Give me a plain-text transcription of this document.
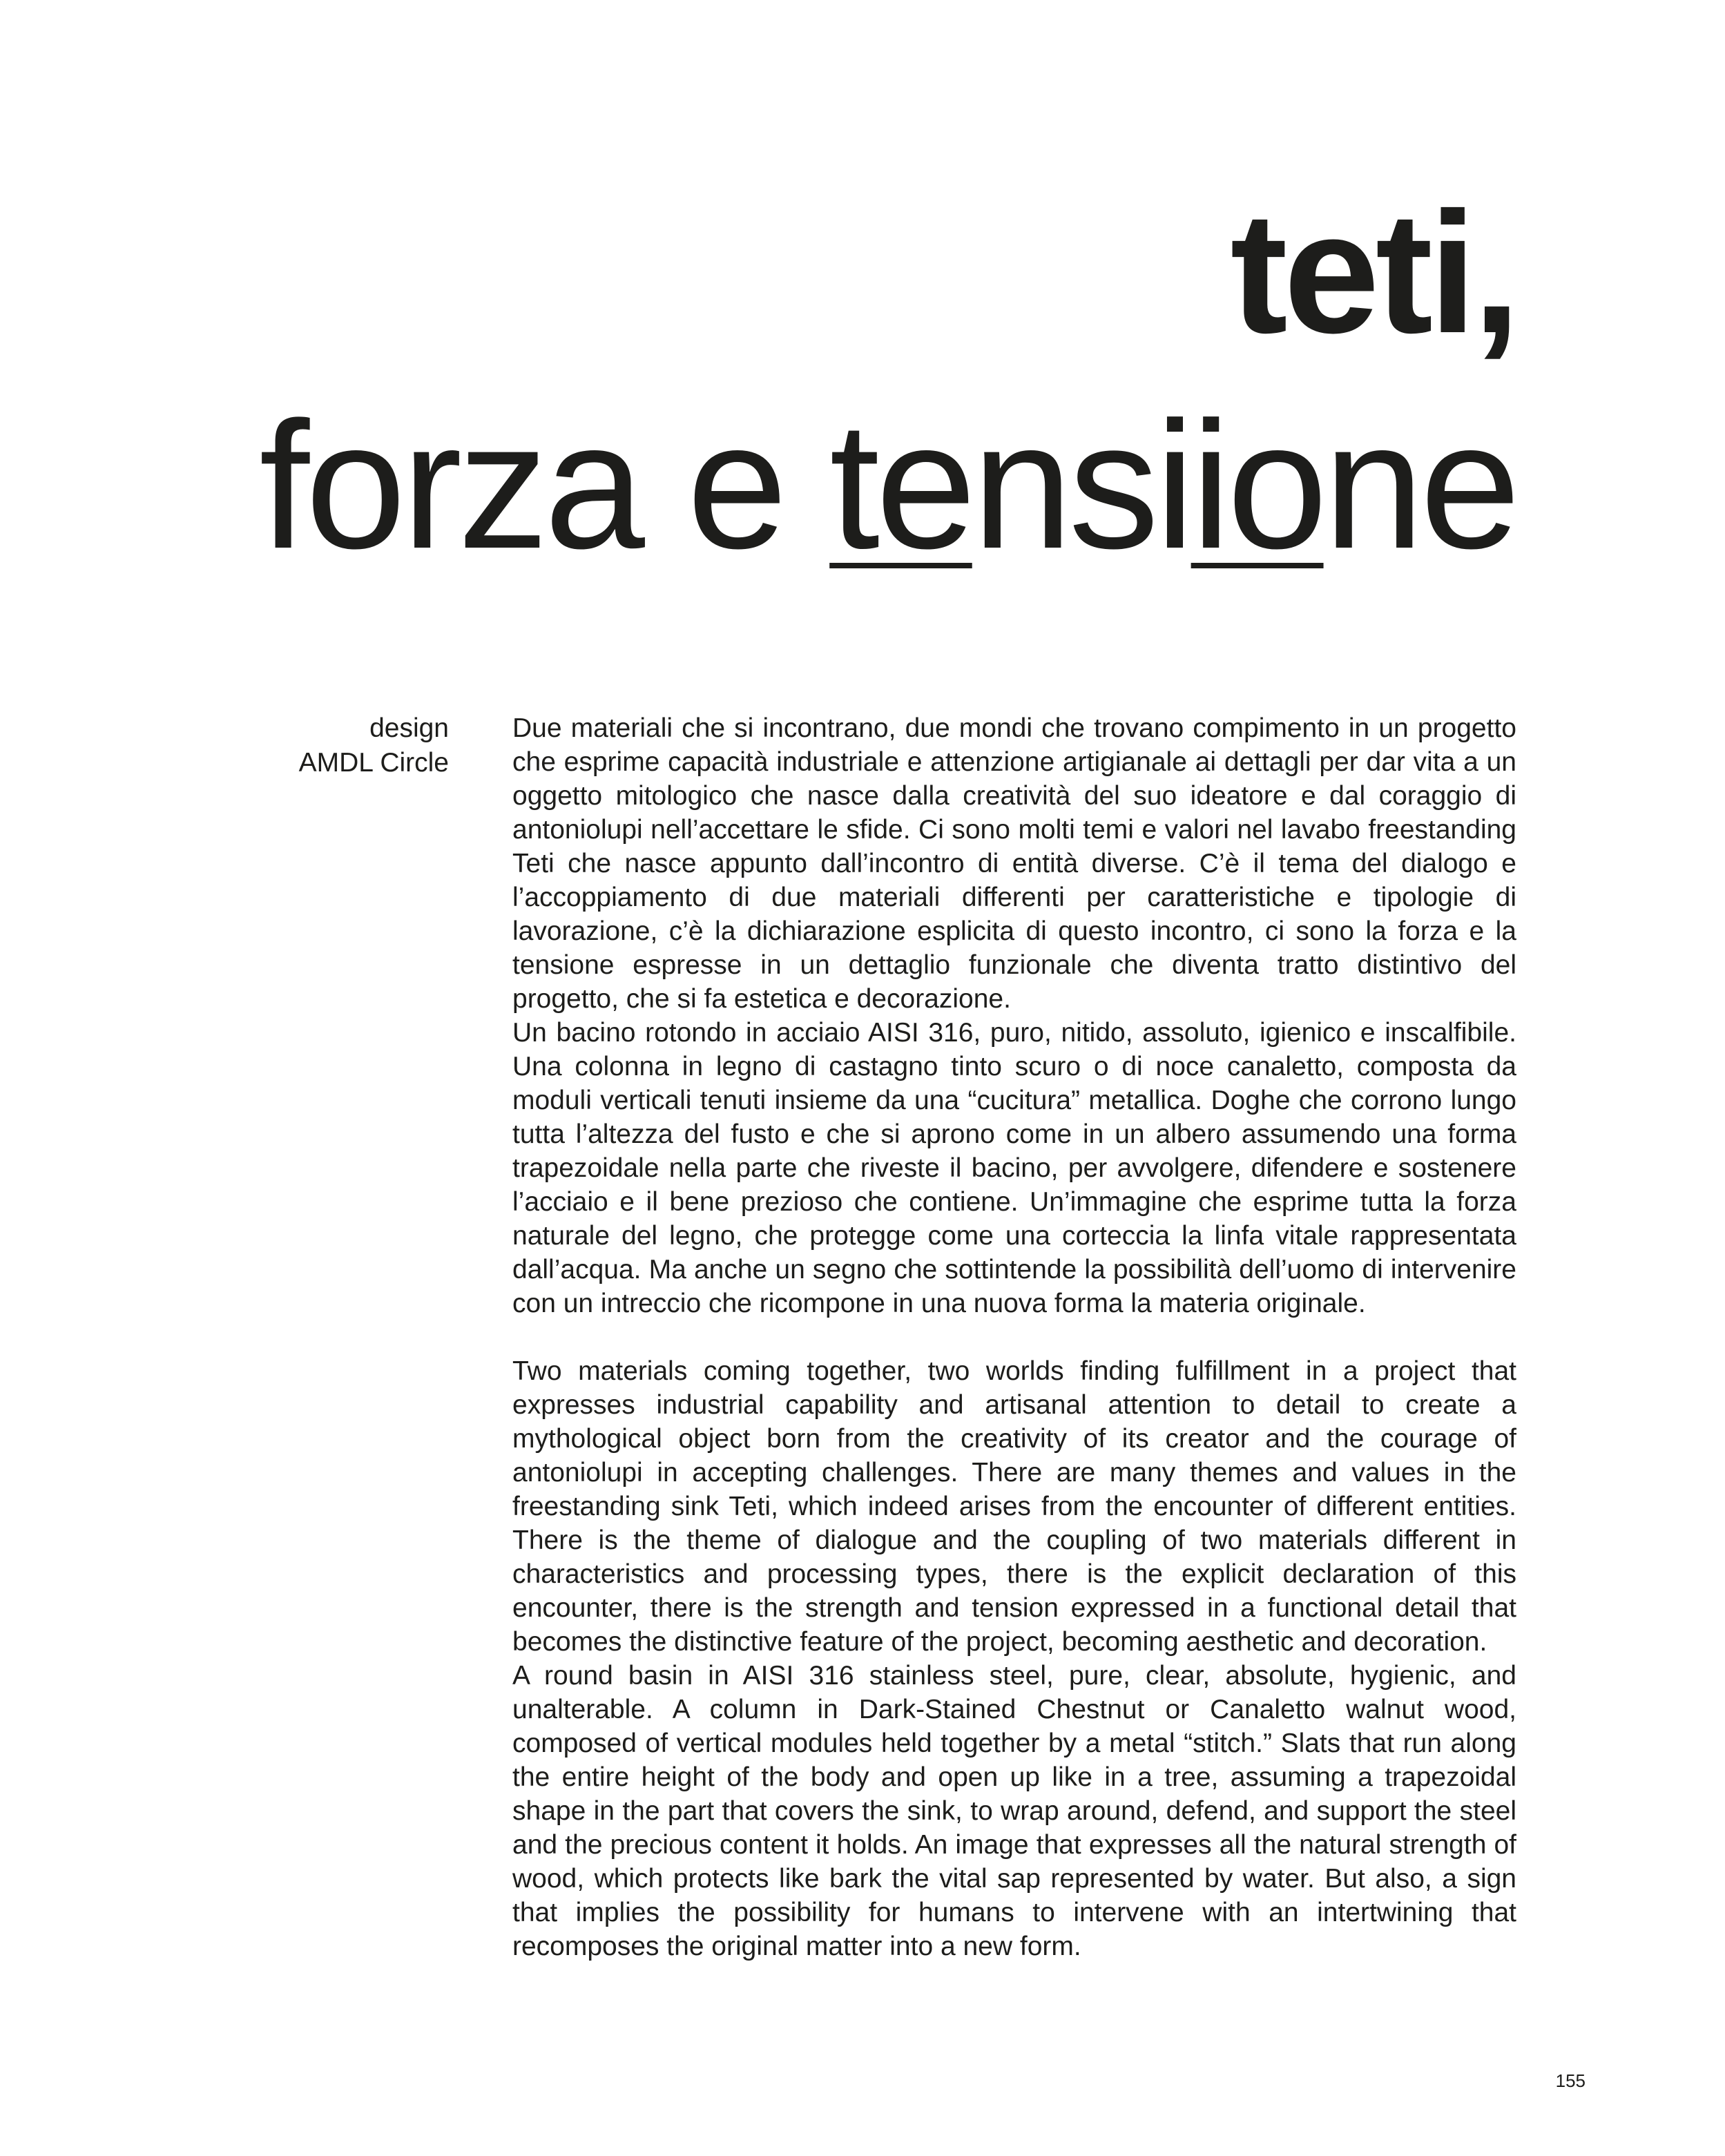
teti,
forza e tensiione
design
AMDL Circle

Due materiali che si incontrano, due mondi che trovano compimento in un progetto che esprime capacità industriale e attenzione artigianale ai dettagli per dar vita a un oggetto mitologico che nasce dalla creatività del suo ideatore e dal coraggio di antoniolupi nell’accettare le sfide. Ci sono molti temi e valori nel lavabo freestanding Teti che nasce appunto dall’incontro di entità diverse. C’è il tema del dialogo e l’accoppiamento di due materiali differenti per caratteristiche e tipologie di lavorazione, c’è la dichiarazione esplicita di questo incontro, ci sono la forza e la tensione espresse in un dettaglio funzionale che diventa tratto distintivo del progetto, che si fa estetica e decorazione.

Un bacino rotondo in acciaio AISI 316, puro, nitido, assoluto, igienico e inscalfibile. Una colonna in legno di castagno tinto scuro o di noce canaletto, composta da moduli verticali tenuti insieme da una “cucitura” metallica. Doghe che corrono lungo tutta l’altezza del fusto e che si aprono come in un albero assumendo una forma trapezoidale nella parte che riveste il bacino, per avvolgere, difendere e sostenere l’acciaio e il bene prezioso che contiene. Un’immagine che esprime tutta la forza naturale del legno, che protegge come una corteccia la linfa vitale rappresentata dall’acqua. Ma anche un segno che sottintende la possibilità dell’uomo di intervenire con un intreccio che ricompone in una nuova forma la materia originale.

Two materials coming together, two worlds finding fulfillment in a project that expresses industrial capability and artisanal attention to detail to create a mythological object born from the creativity of its creator and the courage of antoniolupi in accepting challenges. There are many themes and values in the freestanding sink Teti, which indeed arises from the encounter of different entities. There is the theme of dialogue and the coupling of two materials different in characteristics and processing types, there is the explicit declaration of this encounter, there is the strength and tension expressed in a functional detail that becomes the distinctive feature of the project, becoming aesthetic and decoration.

A round basin in AISI 316 stainless steel, pure, clear, absolute, hygienic, and unalterable. A column in Dark-Stained Chestnut or Canaletto walnut wood, composed of vertical modules held together by a metal “stitch.” Slats that run along the entire height of the body and open up like in a tree, assuming a trapezoidal shape in the part that covers the sink, to wrap around, defend, and support the steel and the precious content it holds. An image that expresses all the natural strength of wood, which protects like bark the vital sap represented by water. But also, a sign that implies the possibility for humans to intervene with an intertwining that recomposes the original matter into a new form.

155
